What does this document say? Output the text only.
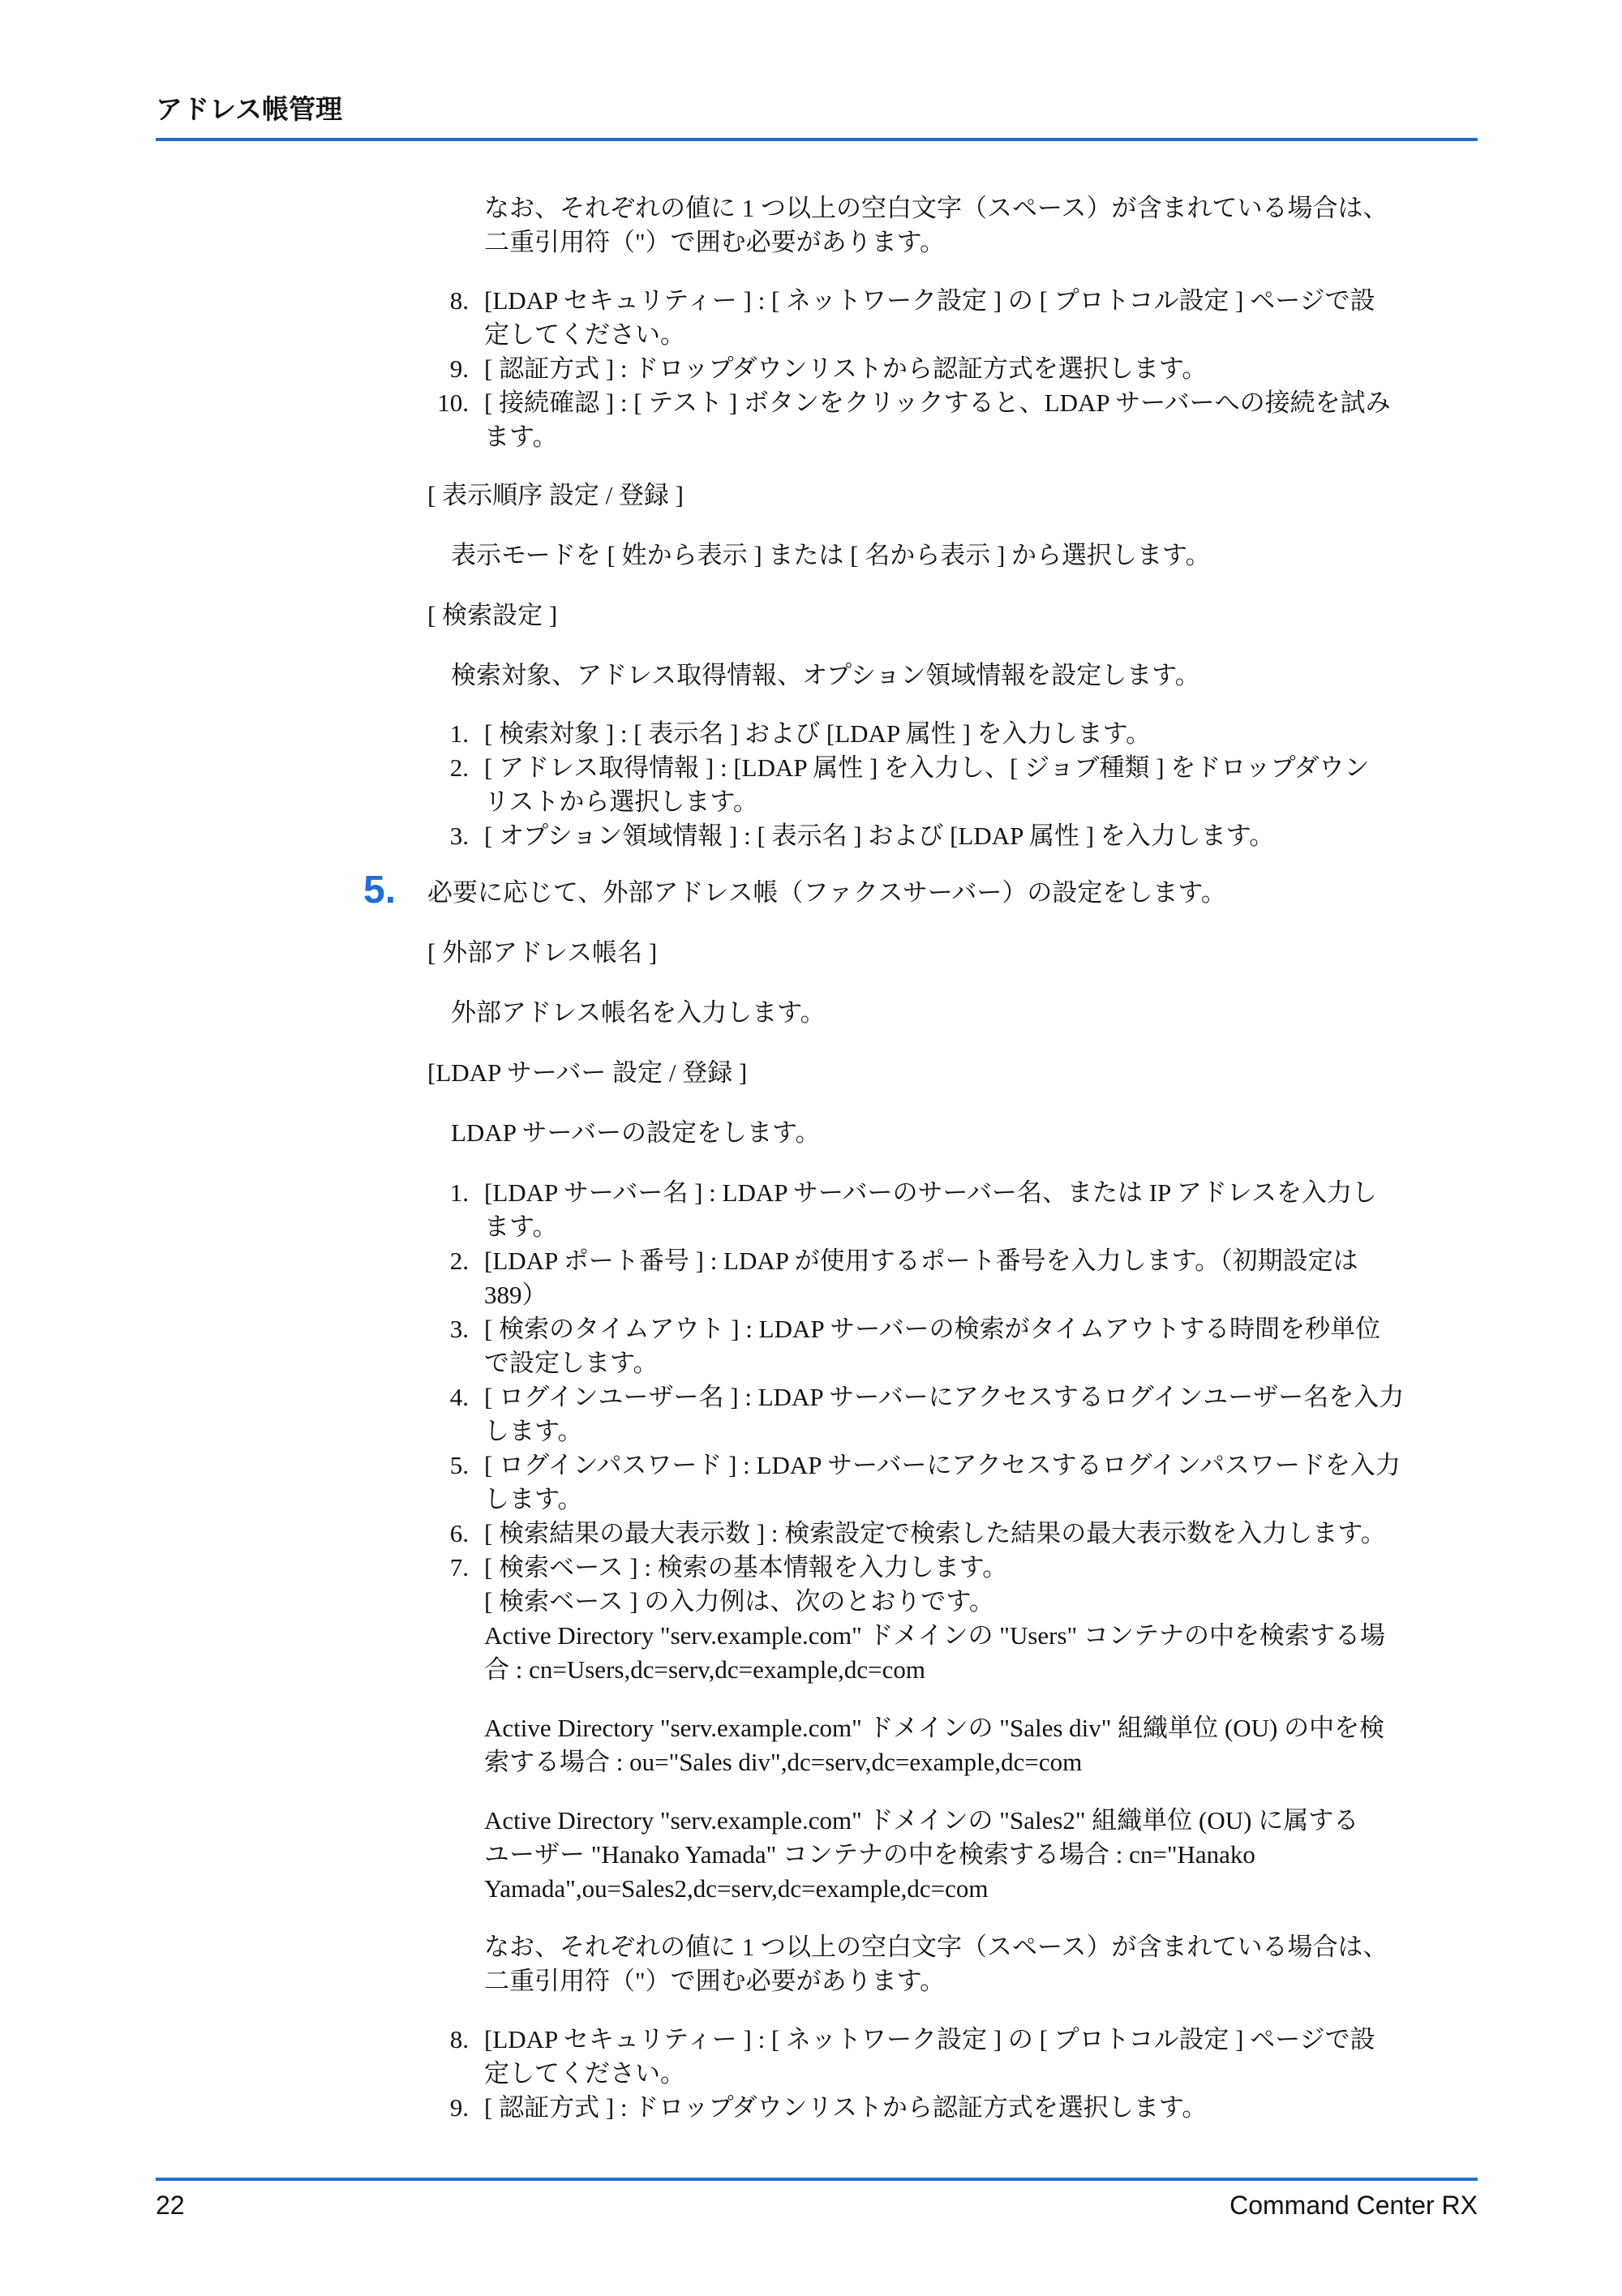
アドレス帳管理
なお、それぞれの値に 1 つ以上の空白文字（スペース）が含まれている場合は、
二重引用符（"）で囲む必要があります。
8. [LDAP セキュリティー ] : [ ネットワーク設定 ] の [ プロトコル設定 ] ページで設
定してください。
9. [ 認証方式 ] : ドロップダウンリストから認証方式を選択します。
10. [ 接続確認 ] : [ テスト ] ボタンをクリックすると、LDAP サーバーへの接続を試み
ます。
[ 表示順序 設定 / 登録 ]
表示モードを [ 姓から表示 ] または [ 名から表示 ] から選択します。
[ 検索設定 ]
検索対象、アドレス取得情報、オプション領域情報を設定します。
1. [ 検索対象 ] : [ 表示名 ] および [LDAP 属性 ] を入力します。
2. [ アドレス取得情報 ] : [LDAP 属性 ] を入力し、[ ジョブ種類 ] をドロップダウン
リストから選択します。
3. [ オプション領域情報 ] : [ 表示名 ] および [LDAP 属性 ] を入力します。
5. 必要に応じて、外部アドレス帳（ファクスサーバー）の設定をします。
[ 外部アドレス帳名 ]
外部アドレス帳名を入力します。
[LDAP サーバー 設定 / 登録 ]
LDAP サーバーの設定をします。
1. [LDAP サーバー名 ] : LDAP サーバーのサーバー名、または IP アドレスを入力し
ます。
2. [LDAP ポート番号 ] : LDAP が使用するポート番号を入力します。（初期設定は
389）
3. [ 検索のタイムアウト ] : LDAP サーバーの検索がタイムアウトする時間を秒単位
で設定します。
4. [ ログインユーザー名 ] : LDAP サーバーにアクセスするログインユーザー名を入力
します。
5. [ ログインパスワード ] : LDAP サーバーにアクセスするログインパスワードを入力
します。
6. [ 検索結果の最大表示数 ] : 検索設定で検索した結果の最大表示数を入力します。
7. [ 検索ベース ] : 検索の基本情報を入力します。
[ 検索ベース ] の入力例は、次のとおりです。
Active Directory "serv.example.com" ドメインの "Users" コンテナの中を検索する場
合 : cn=Users,dc=serv,dc=example,dc=com
Active Directory "serv.example.com" ドメインの "Sales div" 組織単位 (OU) の中を検
索する場合 : ou="Sales div",dc=serv,dc=example,dc=com
Active Directory "serv.example.com" ドメインの "Sales2" 組織単位 (OU) に属する
ユーザー "Hanako Yamada" コンテナの中を検索する場合 : cn="Hanako
Yamada",ou=Sales2,dc=serv,dc=example,dc=com
なお、それぞれの値に 1 つ以上の空白文字（スペース）が含まれている場合は、
二重引用符（"）で囲む必要があります。
8. [LDAP セキュリティー ] : [ ネットワーク設定 ] の [ プロトコル設定 ] ページで設
定してください。
9. [ 認証方式 ] : ドロップダウンリストから認証方式を選択します。
22	Command Center RX
